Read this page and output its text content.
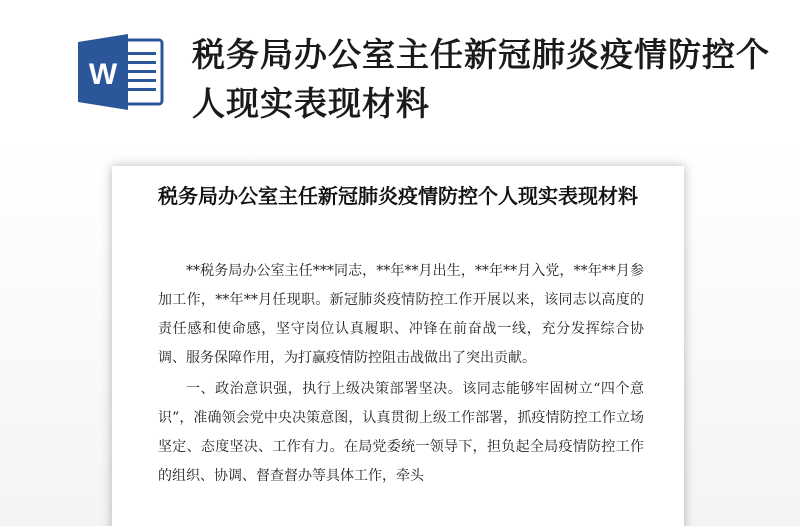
W
税务局办公室主任新冠肺炎疫情防控个人现实表现材料
税务局办公室主任新冠肺炎疫情防控个人现实表现材料

**税务局办公室主任***同志，**年**月出生，**年**月入党，**年**月参加工作，**年**月任现职。新冠肺炎疫情防控工作开展以来，该同志以高度的责任感和使命感，坚守岗位认真履职、冲锋在前奋战一线，充分发挥综合协调、服务保障作用，为打赢疫情防控阻击战做出了突出贡献。

一、政治意识强，执行上级决策部署坚决。该同志能够牢固树立“四个意识”，准确领会党中央决策意图，认真贯彻上级工作部署，抓疫情防控工作立场坚定、态度坚决、工作有力。在局党委统一领导下，担负起全局疫情防控工作的组织、协调、督查督办等具体工作，牵头
